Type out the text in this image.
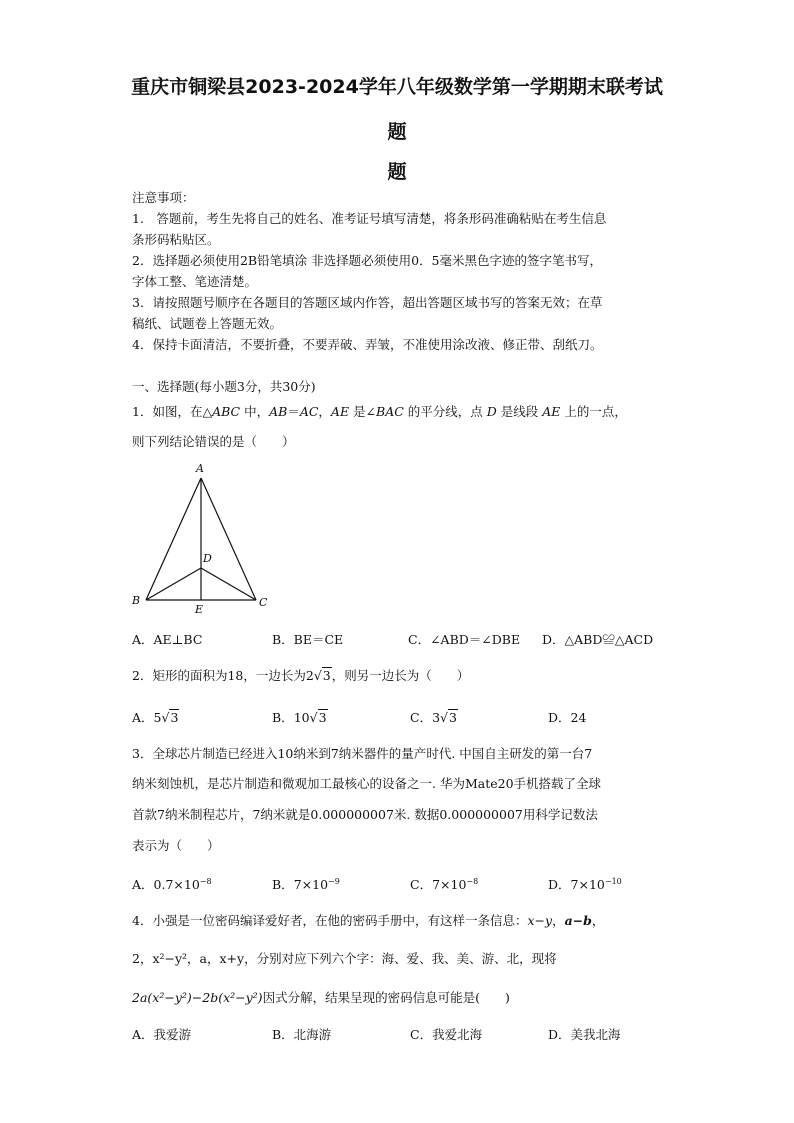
重庆市铜梁县2023-2024学年八年级数学第一学期期末联考试
题
题
注意事项：
1.　答题前，考生先将自己的姓名、准考证号填写清楚，将条形码准确粘贴在考生信息
条形码粘贴区。
2．选择题必须使用2B铅笔填涂 非选择题必须使用0．5毫米黑色字迹的签字笔书写，
字体工整、笔迹清楚。
3．请按照题号顺序在各题目的答题区域内作答，超出答题区域书写的答案无效；在草
稿纸、试题卷上答题无效。
4．保持卡面清洁，不要折叠，不要弄破、弄皱，不准使用涂改液、修正带、刮纸刀。
一、选择题(每小题3分，共30分)
1．如图，在△ABC 中，AB＝AC，AE 是∠BAC 的平分线，点 D 是线段 AE 上的一点，
则下列结论错误的是（　　）
A
B	C
D
E
A．AE⊥BC	B．BE＝CE	C．∠ABD＝∠DBE D．△ABD≌△ACD
2．矩形的面积为18，一边长为2√3，则另一边长为（　　）
A．5√3	B．10√3	C．3√3	D．24
3．全球芯片制造已经进入10纳米到7纳米器件的量产时代. 中国自主研发的第一台7
纳米刻蚀机，是芯片制造和微观加工最核心的设备之一. 华为Mate20手机搭载了全球
首款7纳米制程芯片，7纳米就是0.000000007米. 数据0.000000007用科学记数法
表示为（　　）
A．$0.7\times 10^{-8}$	B．$7\times 10^{-9}$	C．$7\times 10^{-8}$	D．$7\times 10^{-10}$
4．小强是一位密码编译爱好者，在他的密码手册中，有这样一条信息：x−y，a−b，
2，x²−y²，a，x+y，分别对应下列六个字：海、爱、我、美、游、北，现将
2a(x²−y²)−2b(x²−y²)因式分解，结果呈现的密码信息可能是(　　)
A．我爱游	B．北海游	C．我爱北海	D．美我北海
